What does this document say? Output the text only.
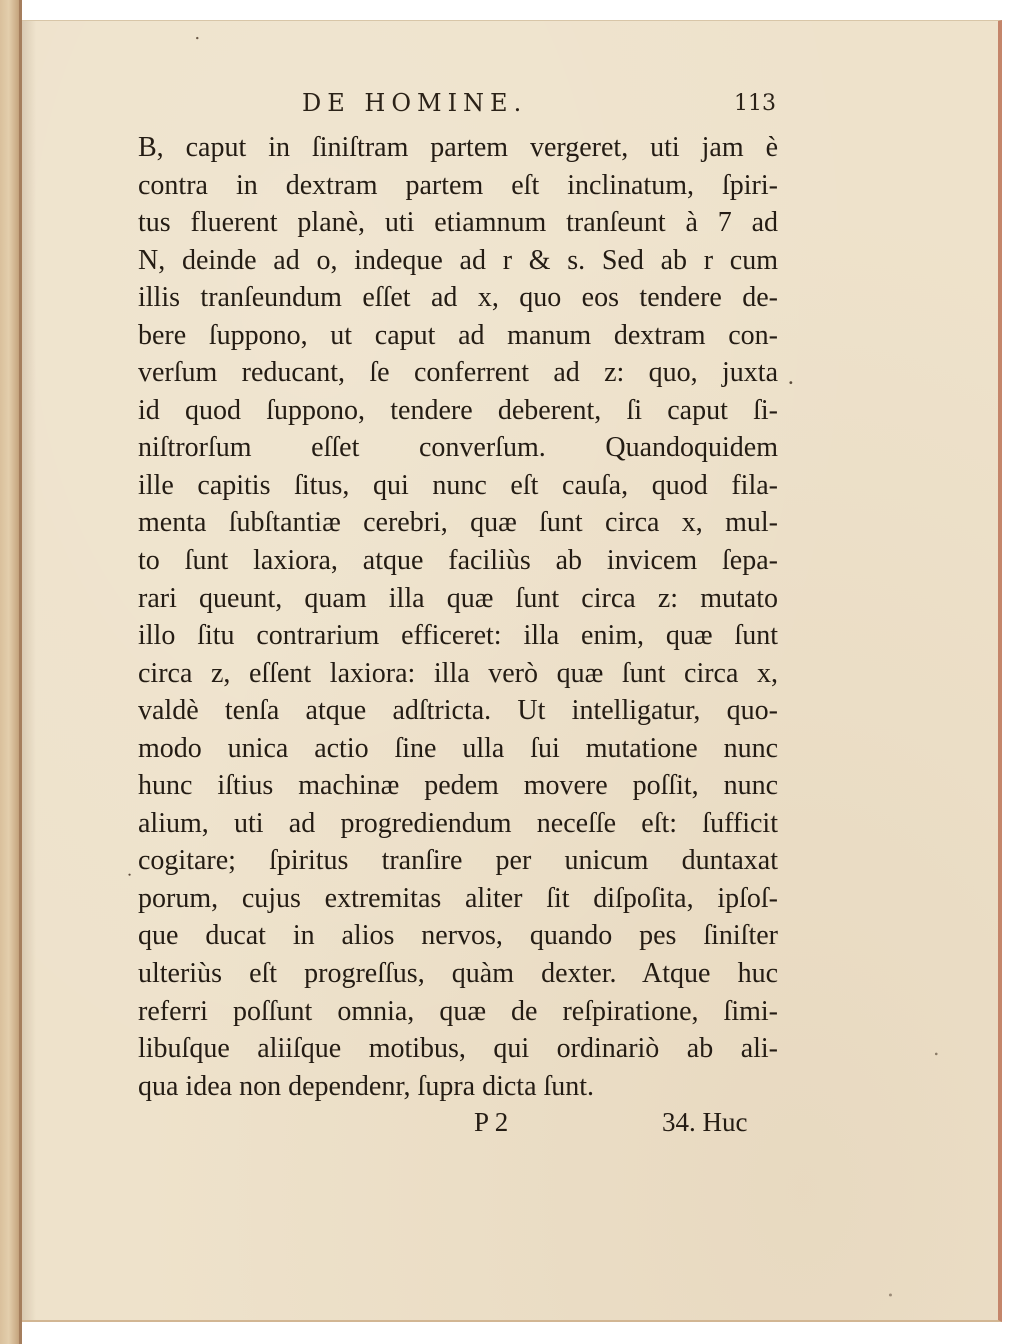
DE HOMINE.	113
B, caput in ſiniſtram partem vergeret, uti jam è
contra in dextram partem eſt inclinatum, ſpiri-
tus fluerent planè, uti etiamnum tranſeunt à 7 ad
N, deinde ad o, indeque ad r & s. Sed ab r cum
illis tranſeundum eſſet ad x, quo eos tendere de-
bere ſuppono, ut caput ad manum dextram con-
verſum reducant, ſe conferrent ad z: quo, juxta
id quod ſuppono, tendere deberent, ſi caput ſi-
niſtrorſum eſſet converſum. Quandoquidem
ille capitis ſitus, qui nunc eſt cauſa, quod fila-
menta ſubſtantiæ cerebri, quæ ſunt circa x, mul-
to ſunt laxiora, atque faciliùs ab invicem ſepa-
rari queunt, quam illa quæ ſunt circa z: mutato
illo ſitu contrarium efficeret: illa enim, quæ ſunt
circa z, eſſent laxiora: illa verò quæ ſunt circa x,
valdè tenſa atque adſtricta. Ut intelligatur, quo-
modo unica actio ſine ulla ſui mutatione nunc
hunc iſtius machinæ pedem movere poſſit, nunc
alium, uti ad progrediendum neceſſe eſt: ſufficit
cogitare; ſpiritus tranſire per unicum duntaxat
porum, cujus extremitas aliter ſit diſpoſita, ipſoſ-
que ducat in alios nervos, quando pes ſiniſter
ulteriùs eſt progreſſus, quàm dexter. Atque huc
referri poſſunt omnia, quæ de reſpiratione, ſimi-
libuſque aliiſque motibus, qui ordinariò ab ali-
qua idea non dependenr, ſupra dicta ſunt.
P 2	34. Huc
